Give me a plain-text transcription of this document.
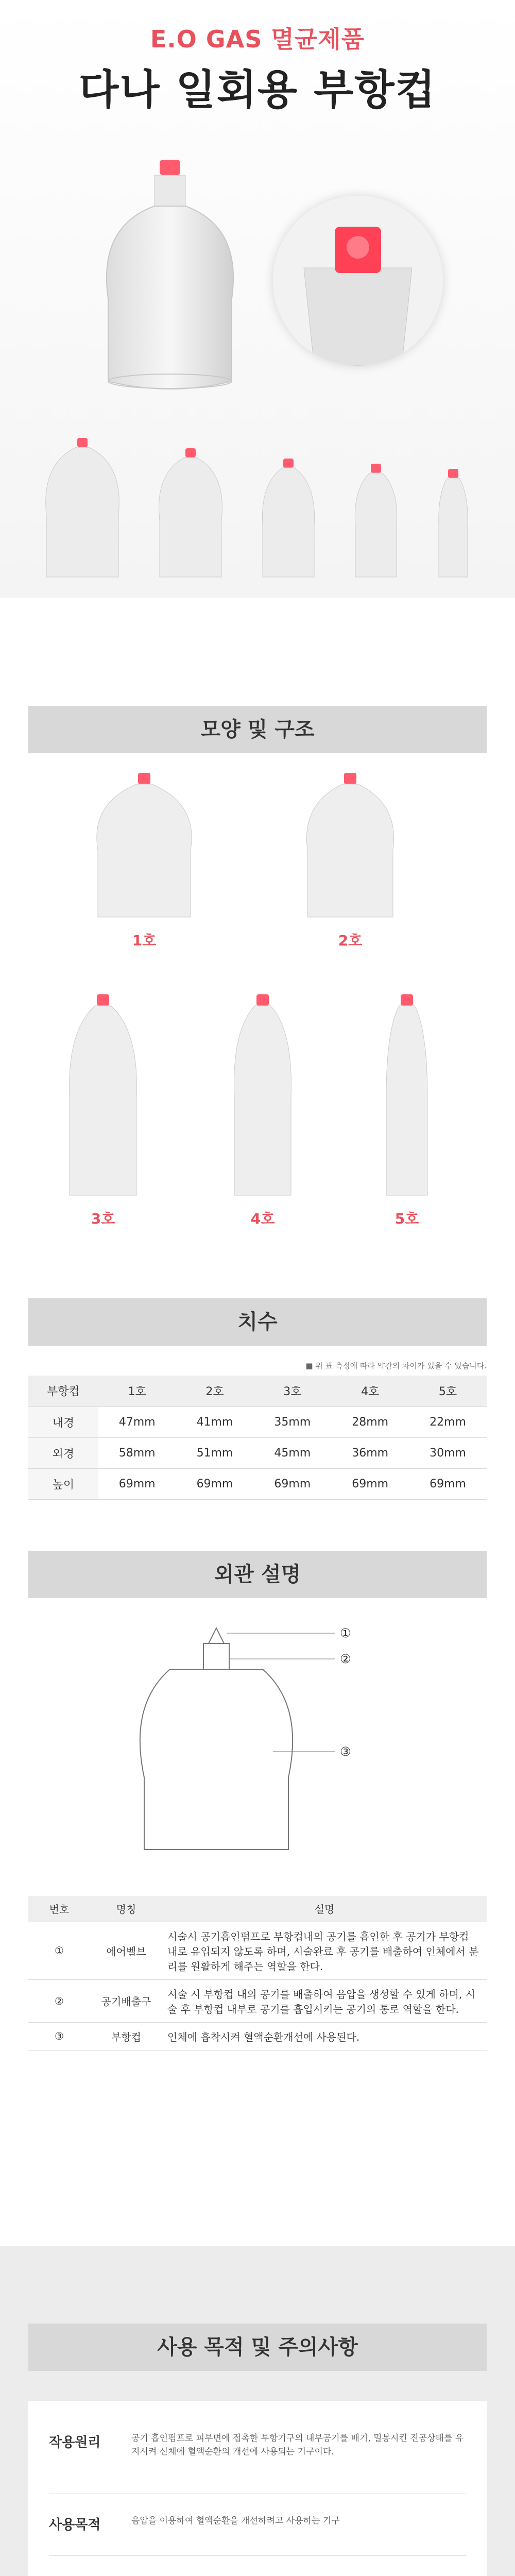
E.O GAS 멸균제품
다나 일회용 부항컵
모양 및 구조
1호	2호
3호	4호	5호
치수
■ 위 표 측정에 따라 약간의 차이가 있을 수 있습니다.
부항컵	1호	2호	3호	4호	5호
내경	47mm	41mm	35mm	28mm	22mm
외경	58mm	51mm	45mm	36mm	30mm
높이	69mm	69mm	69mm	69mm	69mm
외관 설명
①
②
③
번호	명칭	설명
①	에어벨브	시술시 공기흡인펌프로 부항컵내의 공기를 흡인한 후 공기가 부항컵 내로 유입되지 않도록 하며, 시술완료 후 공기를 배출하여 인체에서 분리를 원활하게 해주는 역할을 한다.
②	공기배출구	시술 시 부항컵 내의 공기를 배출하여 음압을 생성할 수 있게 하며, 시술 후 부항컵 내부로 공기를 흡입시키는 공기의 통로 역할을 한다.
③	부항컵	인체에 흡착시켜 혈액순환개선에 사용된다.
사용 목적 및 주의사항
작용원리	공기 흡인펌프로 피부면에 접촉한 부항기구의 내부공기를 배기, 밀봉시킨 진공상태를 유지시켜 신체에 혈액순환의 개선에 사용되는 기구이다.
사용목적	음압을 이용하여 혈액순환을 개선하려고 사용하는 기구
